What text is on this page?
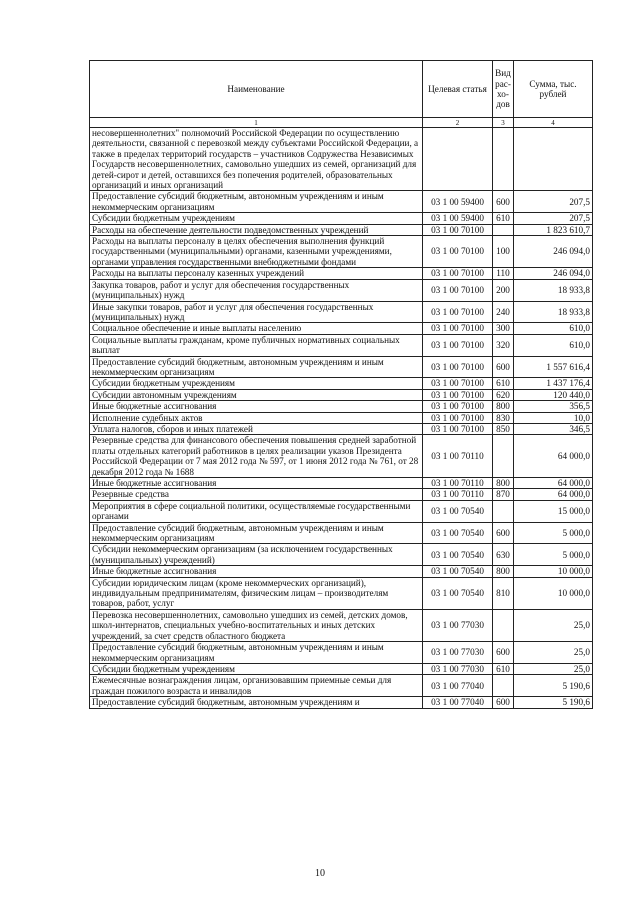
Наименование	Целевая статья	Вид рас-хо-дов	Сумма, тыс. рублей
1	2	3	4
несовершеннолетних" полномочий Российской Федерации по осуществлению деятельности, связанной с перевозкой между субъектами Российской Федерации, а также в пределах территорий государств – участников Содружества Независимых Государств несовершеннолетних, самовольно ушедших из семей, организаций для детей-сирот и детей, оставшихся без попечения родителей, образовательных организаций и иных организаций			
Предоставление субсидий бюджетным, автономным учреждениям и иным некоммерческим организациям	03 1 00 59400	600	207,5
Субсидии бюджетным учреждениям	03 1 00 59400	610	207,5
Расходы на обеспечение деятельности подведомственных учреждений	03 1 00 70100		1 823 610,7
Расходы на выплаты персоналу в целях обеспечения выполнения функций государственными (муниципальными) органами, казенными учреждениями, органами управления государственными внебюджетными фондами	03 1 00 70100	100	246 094,0
Расходы на выплаты персоналу казенных учреждений	03 1 00 70100	110	246 094,0
Закупка товаров, работ и услуг для обеспечения государственных (муниципальных) нужд	03 1 00 70100	200	18 933,8
Иные закупки товаров, работ и услуг для обеспечения государственных (муниципальных) нужд	03 1 00 70100	240	18 933,8
Социальное обеспечение и иные выплаты населению	03 1 00 70100	300	610,0
Социальные выплаты гражданам, кроме публичных нормативных социальных выплат	03 1 00 70100	320	610,0
Предоставление субсидий бюджетным, автономным учреждениям и иным некоммерческим организациям	03 1 00 70100	600	1 557 616,4
Субсидии бюджетным учреждениям	03 1 00 70100	610	1 437 176,4
Субсидии автономным учреждениям	03 1 00 70100	620	120 440,0
Иные бюджетные ассигнования	03 1 00 70100	800	356,5
Исполнение судебных актов	03 1 00 70100	830	10,0
Уплата налогов, сборов и иных платежей	03 1 00 70100	850	346,5
Резервные средства для финансового обеспечения повышения средней заработной платы отдельных категорий работников в целях реализации указов Президента Российской Федерации от 7 мая 2012 года № 597, от 1 июня 2012 года № 761, от 28 декабря 2012 года № 1688	03 1 00 70110		64 000,0
Иные бюджетные ассигнования	03 1 00 70110	800	64 000,0
Резервные средства	03 1 00 70110	870	64 000,0
Мероприятия в сфере социальной политики, осуществляемые государственными органами	03 1 00 70540		15 000,0
Предоставление субсидий бюджетным, автономным учреждениям и иным некоммерческим организациям	03 1 00 70540	600	5 000,0
Субсидии некоммерческим организациям (за исключением государственных (муниципальных) учреждений)	03 1 00 70540	630	5 000,0
Иные бюджетные ассигнования	03 1 00 70540	800	10 000,0
Субсидии юридическим лицам (кроме некоммерческих организаций), индивидуальным предпринимателям, физическим лицам – производителям товаров, работ, услуг	03 1 00 70540	810	10 000,0
Перевозка несовершеннолетних, самовольно ушедших из семей, детских домов, школ-интернатов, специальных учебно-воспитательных и иных детских учреждений, за счет средств областного бюджета	03 1 00 77030		25,0
Предоставление субсидий бюджетным, автономным учреждениям и иным некоммерческим организациям	03 1 00 77030	600	25,0
Субсидии бюджетным учреждениям	03 1 00 77030	610	25,0
Ежемесячные вознаграждения лицам, организовавшим приемные семьи для граждан пожилого возраста и инвалидов	03 1 00 77040		5 190,6
Предоставление субсидий бюджетным, автономным учреждениям и	03 1 00 77040	600	5 190,6
10
